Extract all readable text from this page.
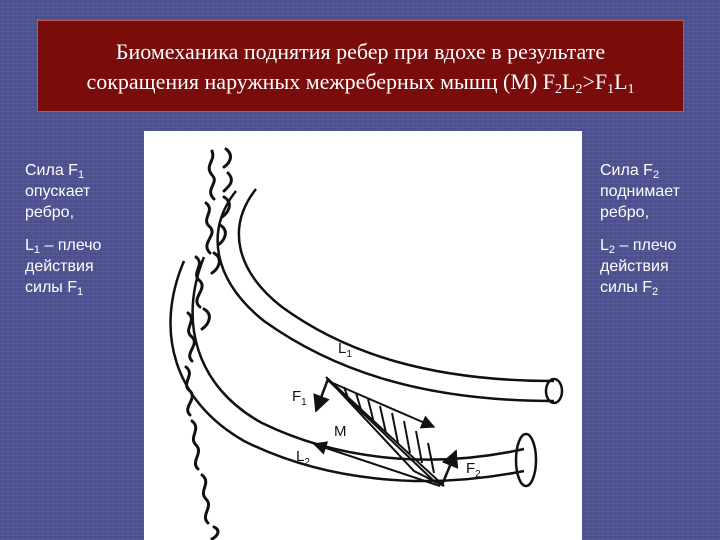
Биомеханика поднятия ребер при вдохе в результате
сокращения наружных межреберных мышц (M) $F_2L_2>F_1L_1$
Сила $F_1$
опускает
ребро,
$L_1$ – плечо
действия
силы $F_1$
Сила $F_2$
поднимает
ребро,
$L_2$ – плечо
действия
силы $F_2$
$L_1$
$F_1$
M
$L_2$	$F_2$
